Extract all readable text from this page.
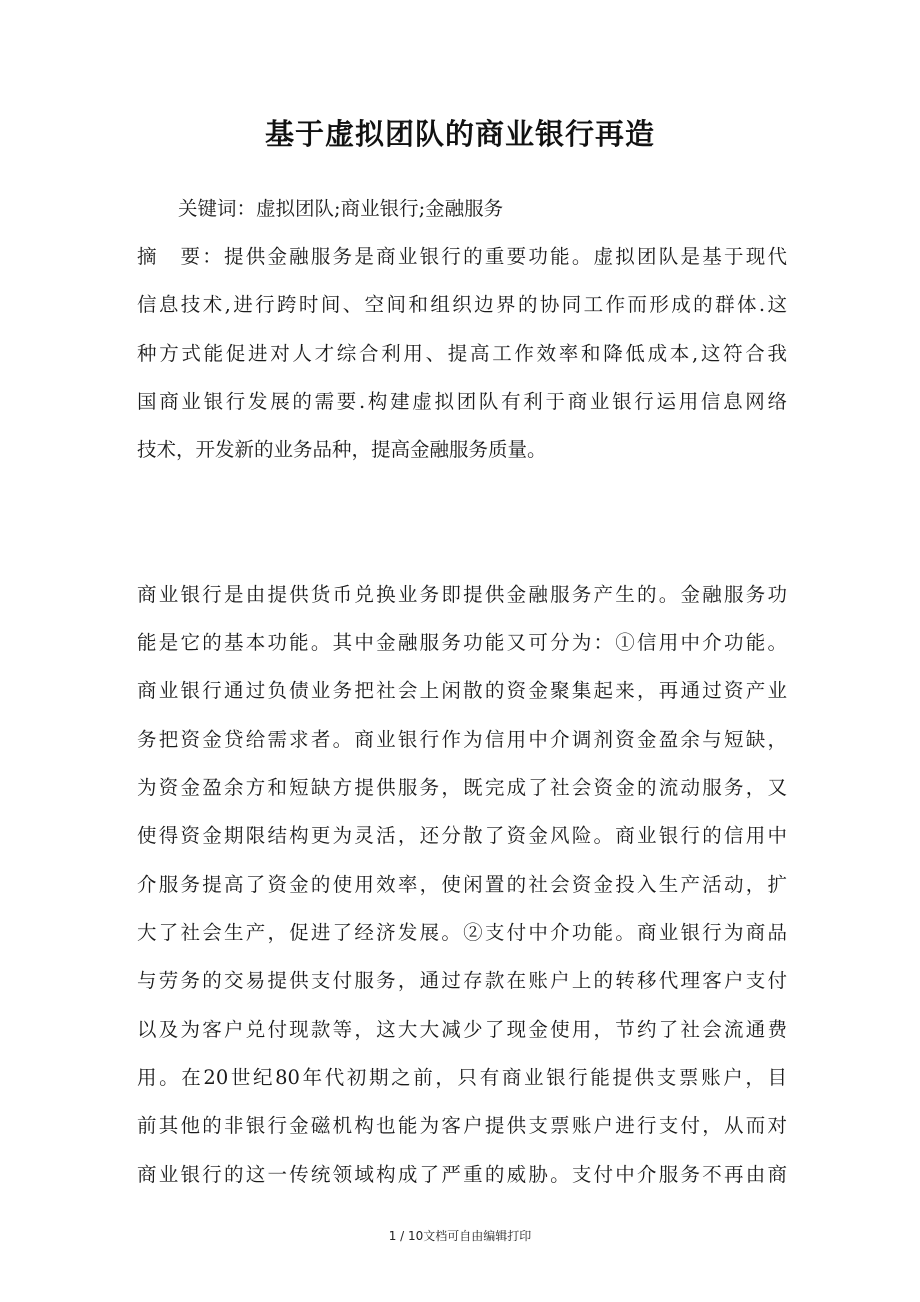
基于虚拟团队的商业银行再造
关键词：虚拟团队;商业银行;金融服务
摘　要：提供金融服务是商业银行的重要功能。虚拟团队是基于现代
信息技术,进行跨时间、空间和组织边界的协同工作而形成的群体.这
种方式能促进对人才综合利用、提高工作效率和降低成本,这符合我
国商业银行发展的需要.构建虚拟团队有利于商业银行运用信息网络
技术，开发新的业务品种，提高金融服务质量。
商业银行是由提供货币兑换业务即提供金融服务产生的。金融服务功
能是它的基本功能。其中金融服务功能又可分为：①信用中介功能。
商业银行通过负债业务把社会上闲散的资金聚集起来，再通过资产业
务把资金贷给需求者。商业银行作为信用中介调剂资金盈余与短缺，
为资金盈余方和短缺方提供服务，既完成了社会资金的流动服务，又
使得资金期限结构更为灵活，还分散了资金风险。商业银行的信用中
介服务提高了资金的使用效率，使闲置的社会资金投入生产活动，扩
大了社会生产，促进了经济发展。②支付中介功能。商业银行为商品
与劳务的交易提供支付服务，通过存款在账户上的转移代理客户支付
以及为客户兑付现款等，这大大减少了现金使用，节约了社会流通费
用。在20世纪80年代初期之前，只有商业银行能提供支票账户，目
前其他的非银行金磁机构也能为客户提供支票账户进行支付，从而对
商业银行的这一传统领域构成了严重的威胁。支付中介服务不再由商
1 / 10文档可自由编辑打印
